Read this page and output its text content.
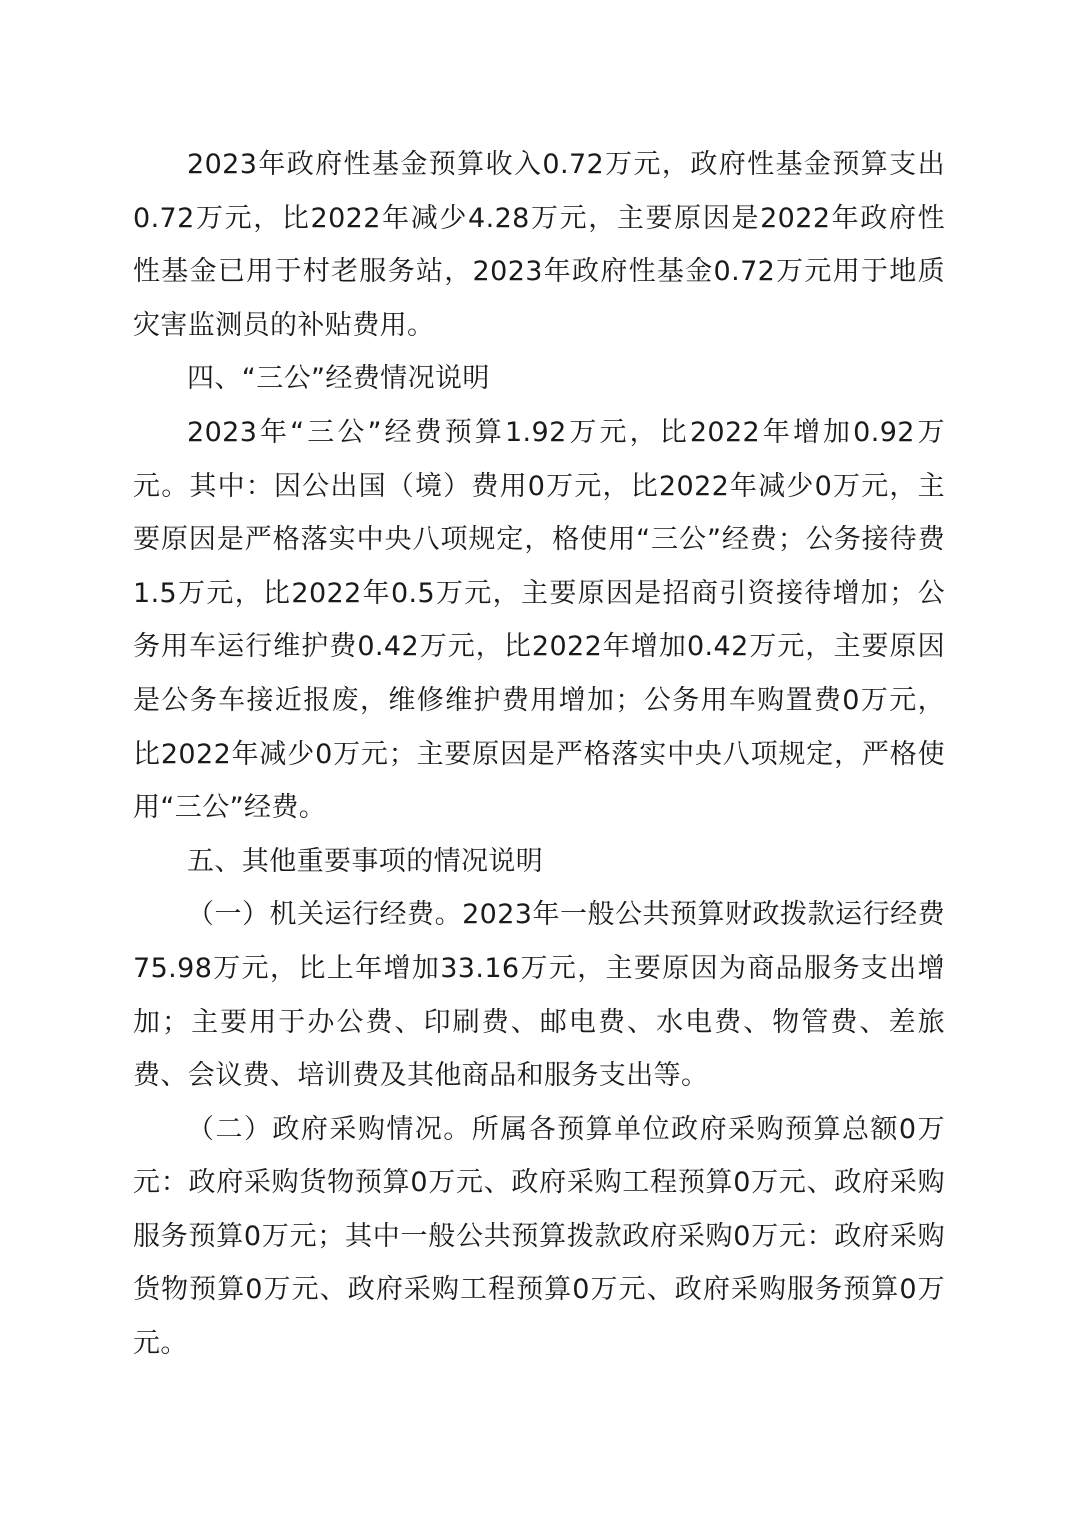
2023年政府性基金预算收入0.72万元，政府性基金预算支出0.72万元，比2022年减少4.28万元，主要原因是2022年政府性性基金已用于村老服务站，2023年政府性基金0.72万元用于地质灾害监测员的补贴费用。

四、“三公”经费情况说明

2023年“三公”经费预算1.92万元，比2022年增加0.92万元。其中：因公出国（境）费用0万元，比2022年减少0万元，主要原因是严格落实中央八项规定，格使用“三公”经费；公务接待费1.5万元，比2022年0.5万元，主要原因是招商引资接待增加；公务用车运行维护费0.42万元，比2022年增加0.42万元，主要原因是公务车接近报废，维修维护费用增加；公务用车购置费0万元，比2022年减少0万元；主要原因是严格落实中央八项规定，严格使用“三公”经费。

五、其他重要事项的情况说明

（一）机关运行经费。2023年一般公共预算财政拨款运行经费75.98万元，比上年增加33.16万元，主要原因为商品服务支出增加；主要用于办公费、印刷费、邮电费、水电费、物管费、差旅费、会议费、培训费及其他商品和服务支出等。

（二）政府采购情况。所属各预算单位政府采购预算总额0万元：政府采购货物预算0万元、政府采购工程预算0万元、政府采购服务预算0万元；其中一般公共预算拨款政府采购0万元：政府采购货物预算0万元、政府采购工程预算0万元、政府采购服务预算0万元。
